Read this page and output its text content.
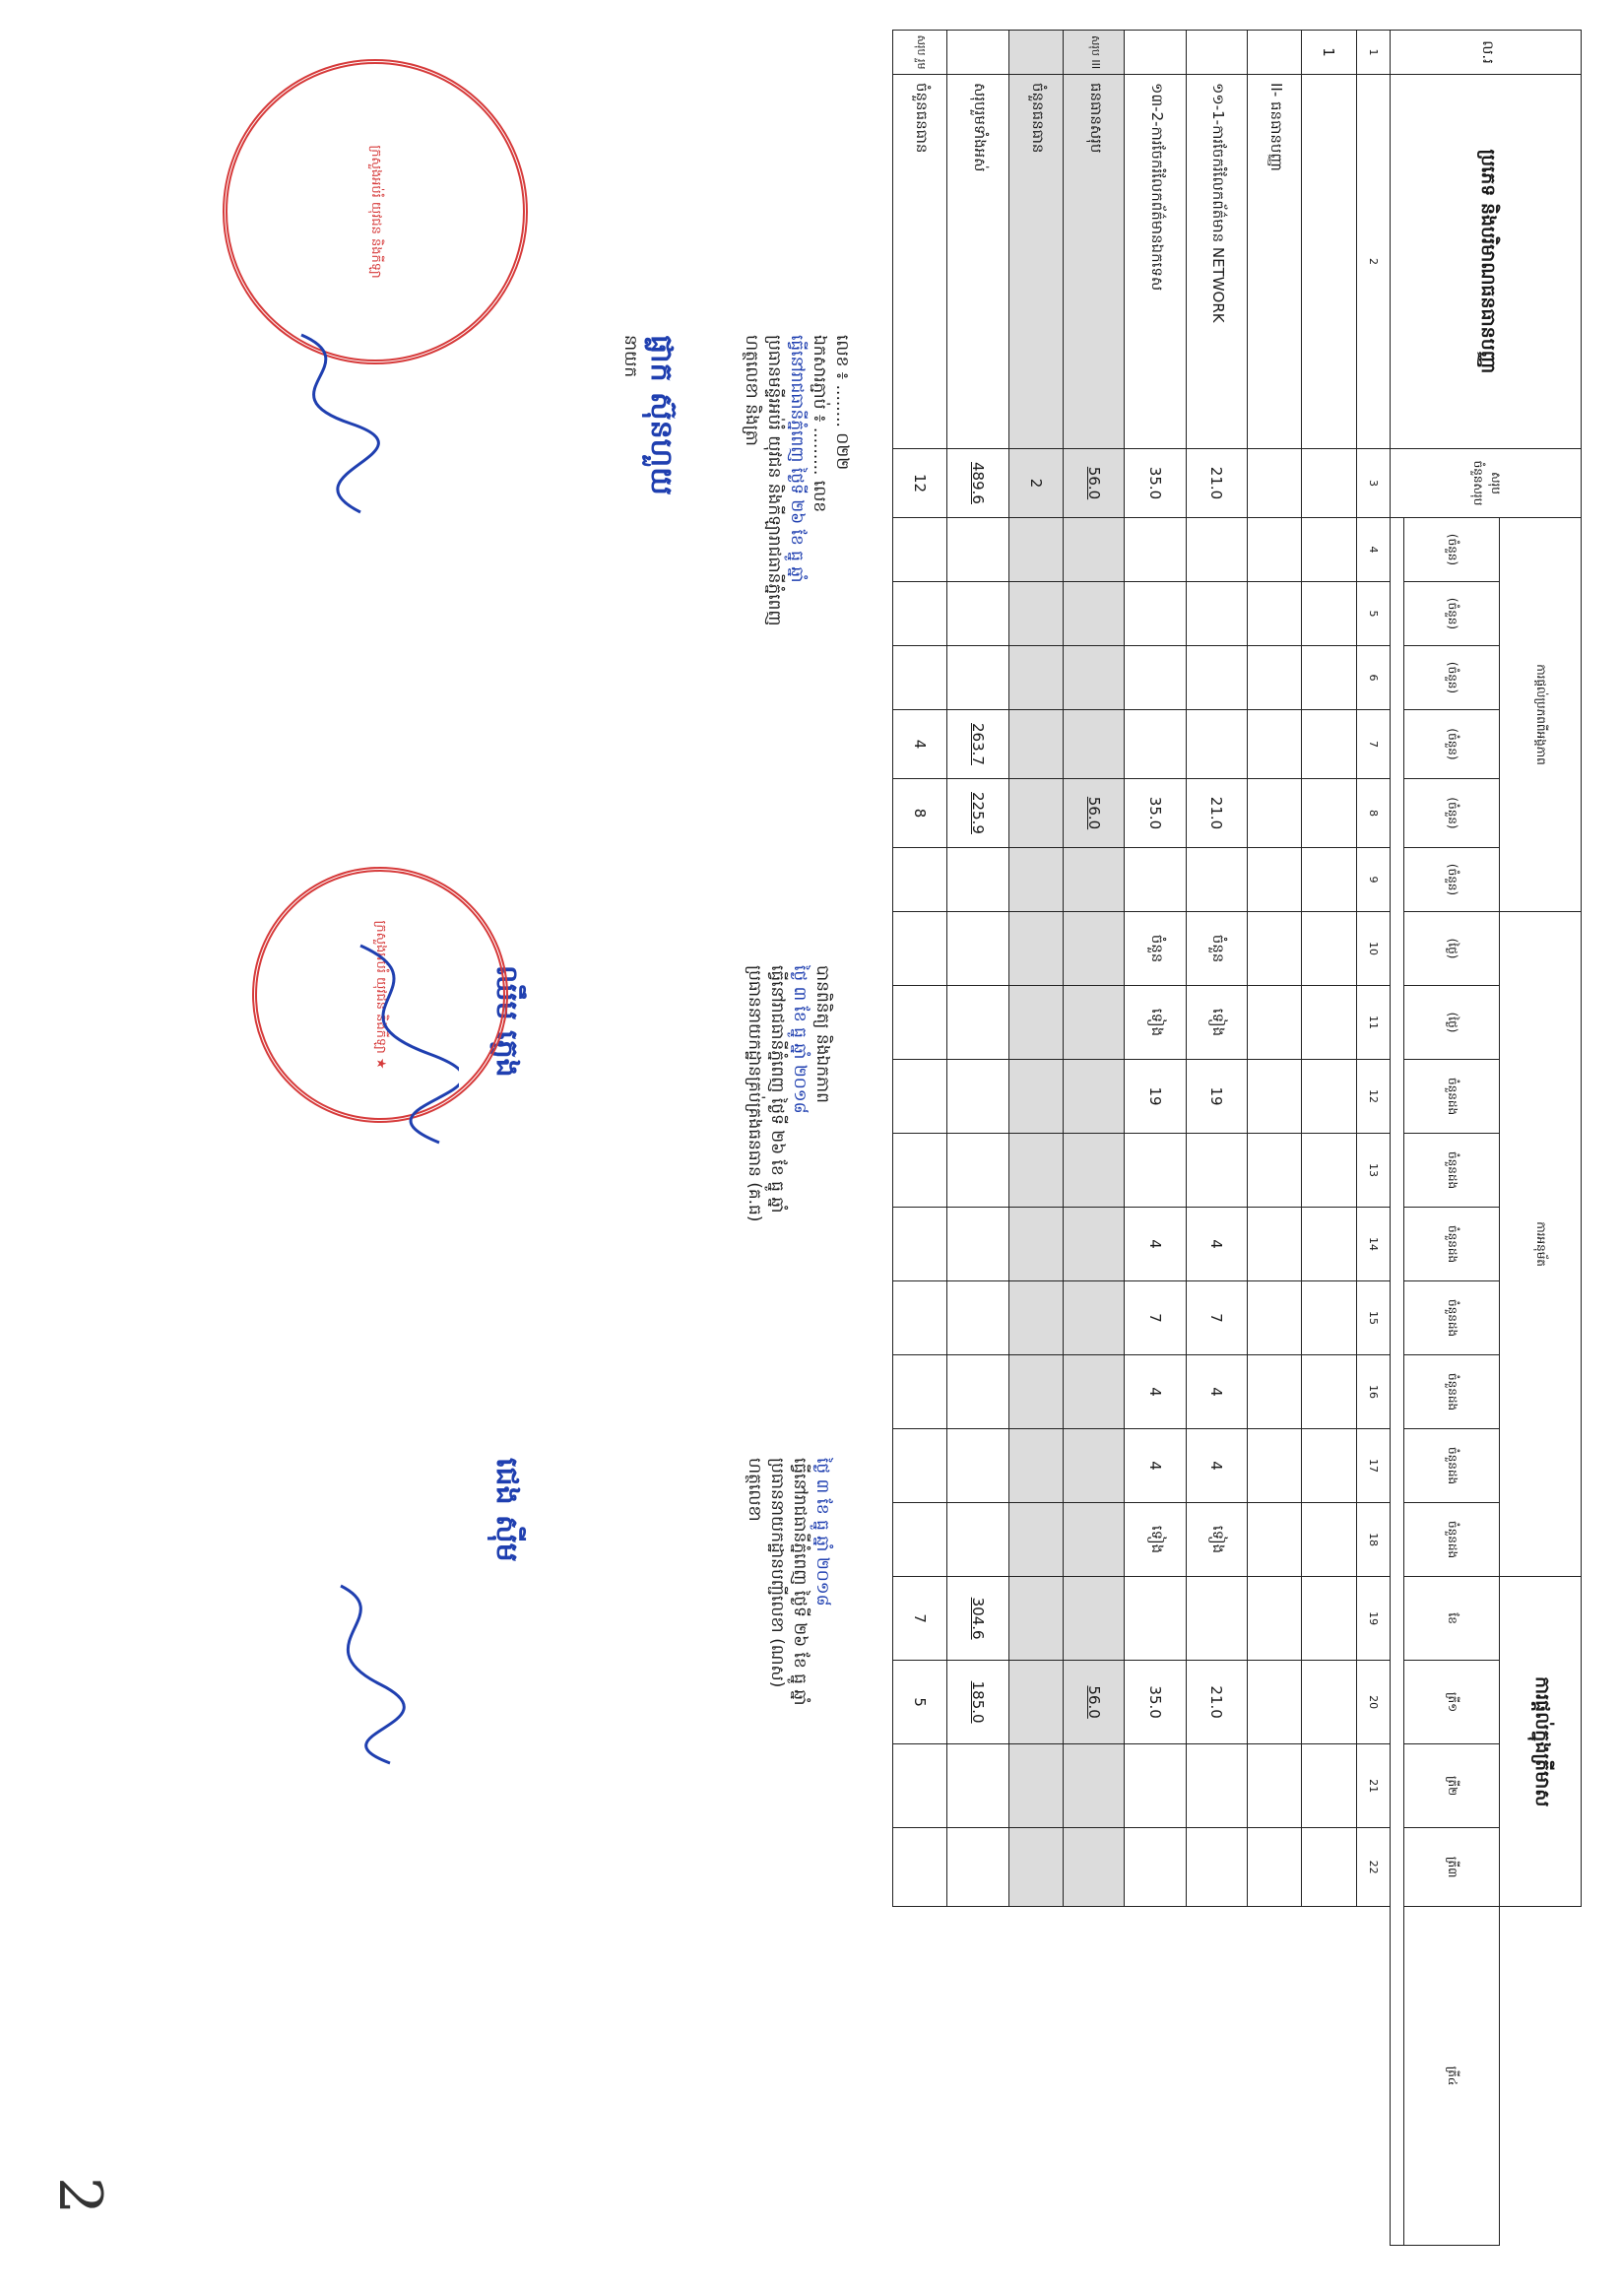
ល.រ	ប្រភេទ និងបរិមាណធនធានបញ្ញា	សរុប
ចំនួនសរុប	ការផ្ដល់ប្រភពពីអង្គភាព						ការអនុម័ត									ការផ្ដល់ក្នុងត្រីមាស				
			(ចំនួន)	(ចំនួន)	(ចំនួន)	(ចំនួន)	(ចំនួន)	(ចំនួន)	(ថ្ងៃ)	(ថ្ងៃ)	ចំនួនដង	ចំនួនដង	ចំនួនដង	ចំនួនដង	ចំនួនដង	ចំនួនដង	ចំនួនដង	ខែ	ត្រី១	ត្រី២	ត្រី៣	ត្រី៤

1	2	3	4	5	6	7	8	9	10	11	12	13	14	15	16	17	18	19	20	21	22	
1																						
	II- ធនធានបញ្ញា																					
	១១-1-ការចែករំលែកព័ត៌មាន NETWORK	21.0					21.0		ចំនួន	ទៀង	19		4	7	4	4	ទៀង		21.0			
	១៣-2-ការចែករំលែកព័ត៌មានឯកទេស	35.0					35.0		ចំនួន	ទៀង	19		4	7	4	4	ទៀង		35.0			
សរុប III	ធនធានសរុប	56.0					56.0												56.0			
	ចំនួនធនធាន	2																				
	សរុបរួមទាំងអស់	489.6				263.7	225.9											304.6	185.0			
សរុប រួម	ចំនួនធនធាន	12				4	8											7	5			
លេខ ៖ ........ ០២២
ឯកសារភ្ជាប់ ៖ ......... លេខ
ធ្វើនៅរាជធានីភ្នំពេញ ថ្ងៃទី ២៦ ខែ ធ្នូ ឆ្នាំ
ប្រធានមន្ទីរអប់រំ យុវជន និងកីឡារាជធានីភ្នំពេញ
ហត្ថលេខា និងត្រា
ផ្លាក ស៊ុនហួយ
នាយក
បានពិនិត្យ និងឯកភាព
ថ្ងៃ ៣ ខែ ធ្នូ ឆ្នាំ ២០១៨
ធ្វើនៅរាជធានីភ្នំពេញ ថ្ងៃទី ២៦ ខែ ធ្នូ ឆ្នាំ
ប្រធាននាយកដ្ឋានគ្រប់គ្រងធនធាន (គ.ធ)
ឈឹម ភ្លេង
ថ្ងៃ ៣ ខែ ធ្នូ ឆ្នាំ ២០១៨
ធ្វើនៅរាជធានីភ្នំពេញ ថ្ងៃទី ២៦ ខែ ធ្នូ ឆ្នាំ
ប្រធាននាយកដ្ឋានបញ្ជីលេខា (ណស)
ហត្ថលេខា
ជេង ស៊ីម
ក្រសួងអប់រំ យុវជន និងកីឡា
ក្រសួងអប់រំ យុវជន និងកីឡា ★
2
